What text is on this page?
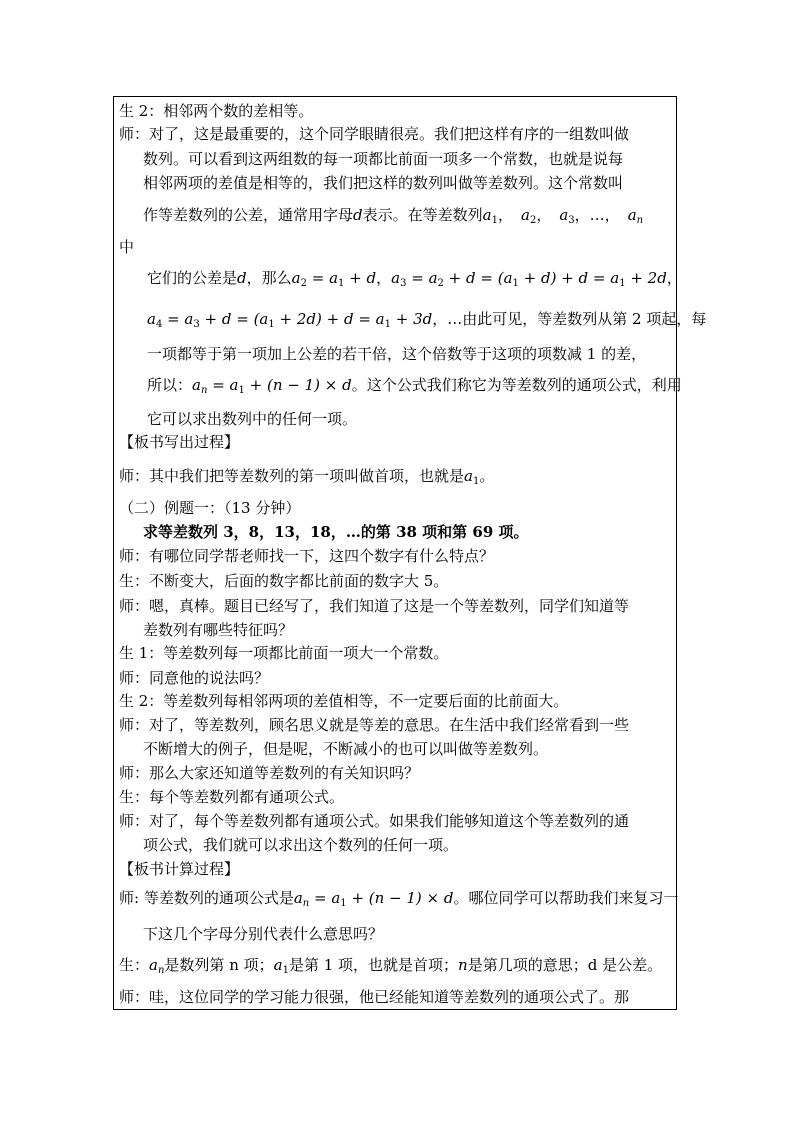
生 2：相邻两个数的差相等。

师：对了，这是最重要的，这个同学眼睛很亮。我们把这样有序的一组数叫做

数列。可以看到这两组数的每一项都比前面一项多一个常数，也就是说每

相邻两项的差值是相等的，我们把这样的数列叫做等差数列。这个常数叫

作等差数列的公差，通常用字母d表示。在等差数列$a_1$， $a_2$， $a_3$，…， $a_n$

中

它们的公差是d，那么$a_2 = a_1 + d$，$a_3 = a_2 + d = (a_1 + d) + d = a_1 + 2d$，

$a_4 = a_3 + d = (a_1 + 2d) + d = a_1 + 3d$，…由此可见，等差数列从第 2 项起，每

一项都等于第一项加上公差的若干倍，这个倍数等于这项的项数减 1 的差，

所以：$a_n = a_1 + (n - 1) \times d$。这个公式我们称它为等差数列的通项公式，利用

它可以求出数列中的任何一项。

【板书写出过程】

师：其中我们把等差数列的第一项叫做首项，也就是$a_1$。

（二）例题一：（13 分钟）

求等差数列 3，8，13，18，…的第 38 项和第 69 项。

师：有哪位同学帮老师找一下，这四个数字有什么特点？

生：不断变大，后面的数字都比前面的数字大 5。

师：嗯，真棒。题目已经写了，我们知道了这是一个等差数列，同学们知道等

差数列有哪些特征吗？

生 1：等差数列每一项都比前面一项大一个常数。

师：同意他的说法吗？

生 2：等差数列每相邻两项的差值相等，不一定要后面的比前面大。

师：对了，等差数列，顾名思义就是等差的意思。在生活中我们经常看到一些

不断增大的例子，但是呢，不断减小的也可以叫做等差数列。

师：那么大家还知道等差数列的有关知识吗？

生：每个等差数列都有通项公式。

师：对了，每个等差数列都有通项公式。如果我们能够知道这个等差数列的通

项公式，我们就可以求出这个数列的任何一项。

【板书计算过程】

师: 等差数列的通项公式是$a_n = a_1 + (n - 1) \times d$。哪位同学可以帮助我们来复习一

下这几个字母分别代表什么意思吗？

生：$a_n$是数列第 n 项；$a_1$是第 1 项，也就是首项；n是第几项的意思；d 是公差。

师：哇，这位同学的学习能力很强，他已经能知道等差数列的通项公式了。那
